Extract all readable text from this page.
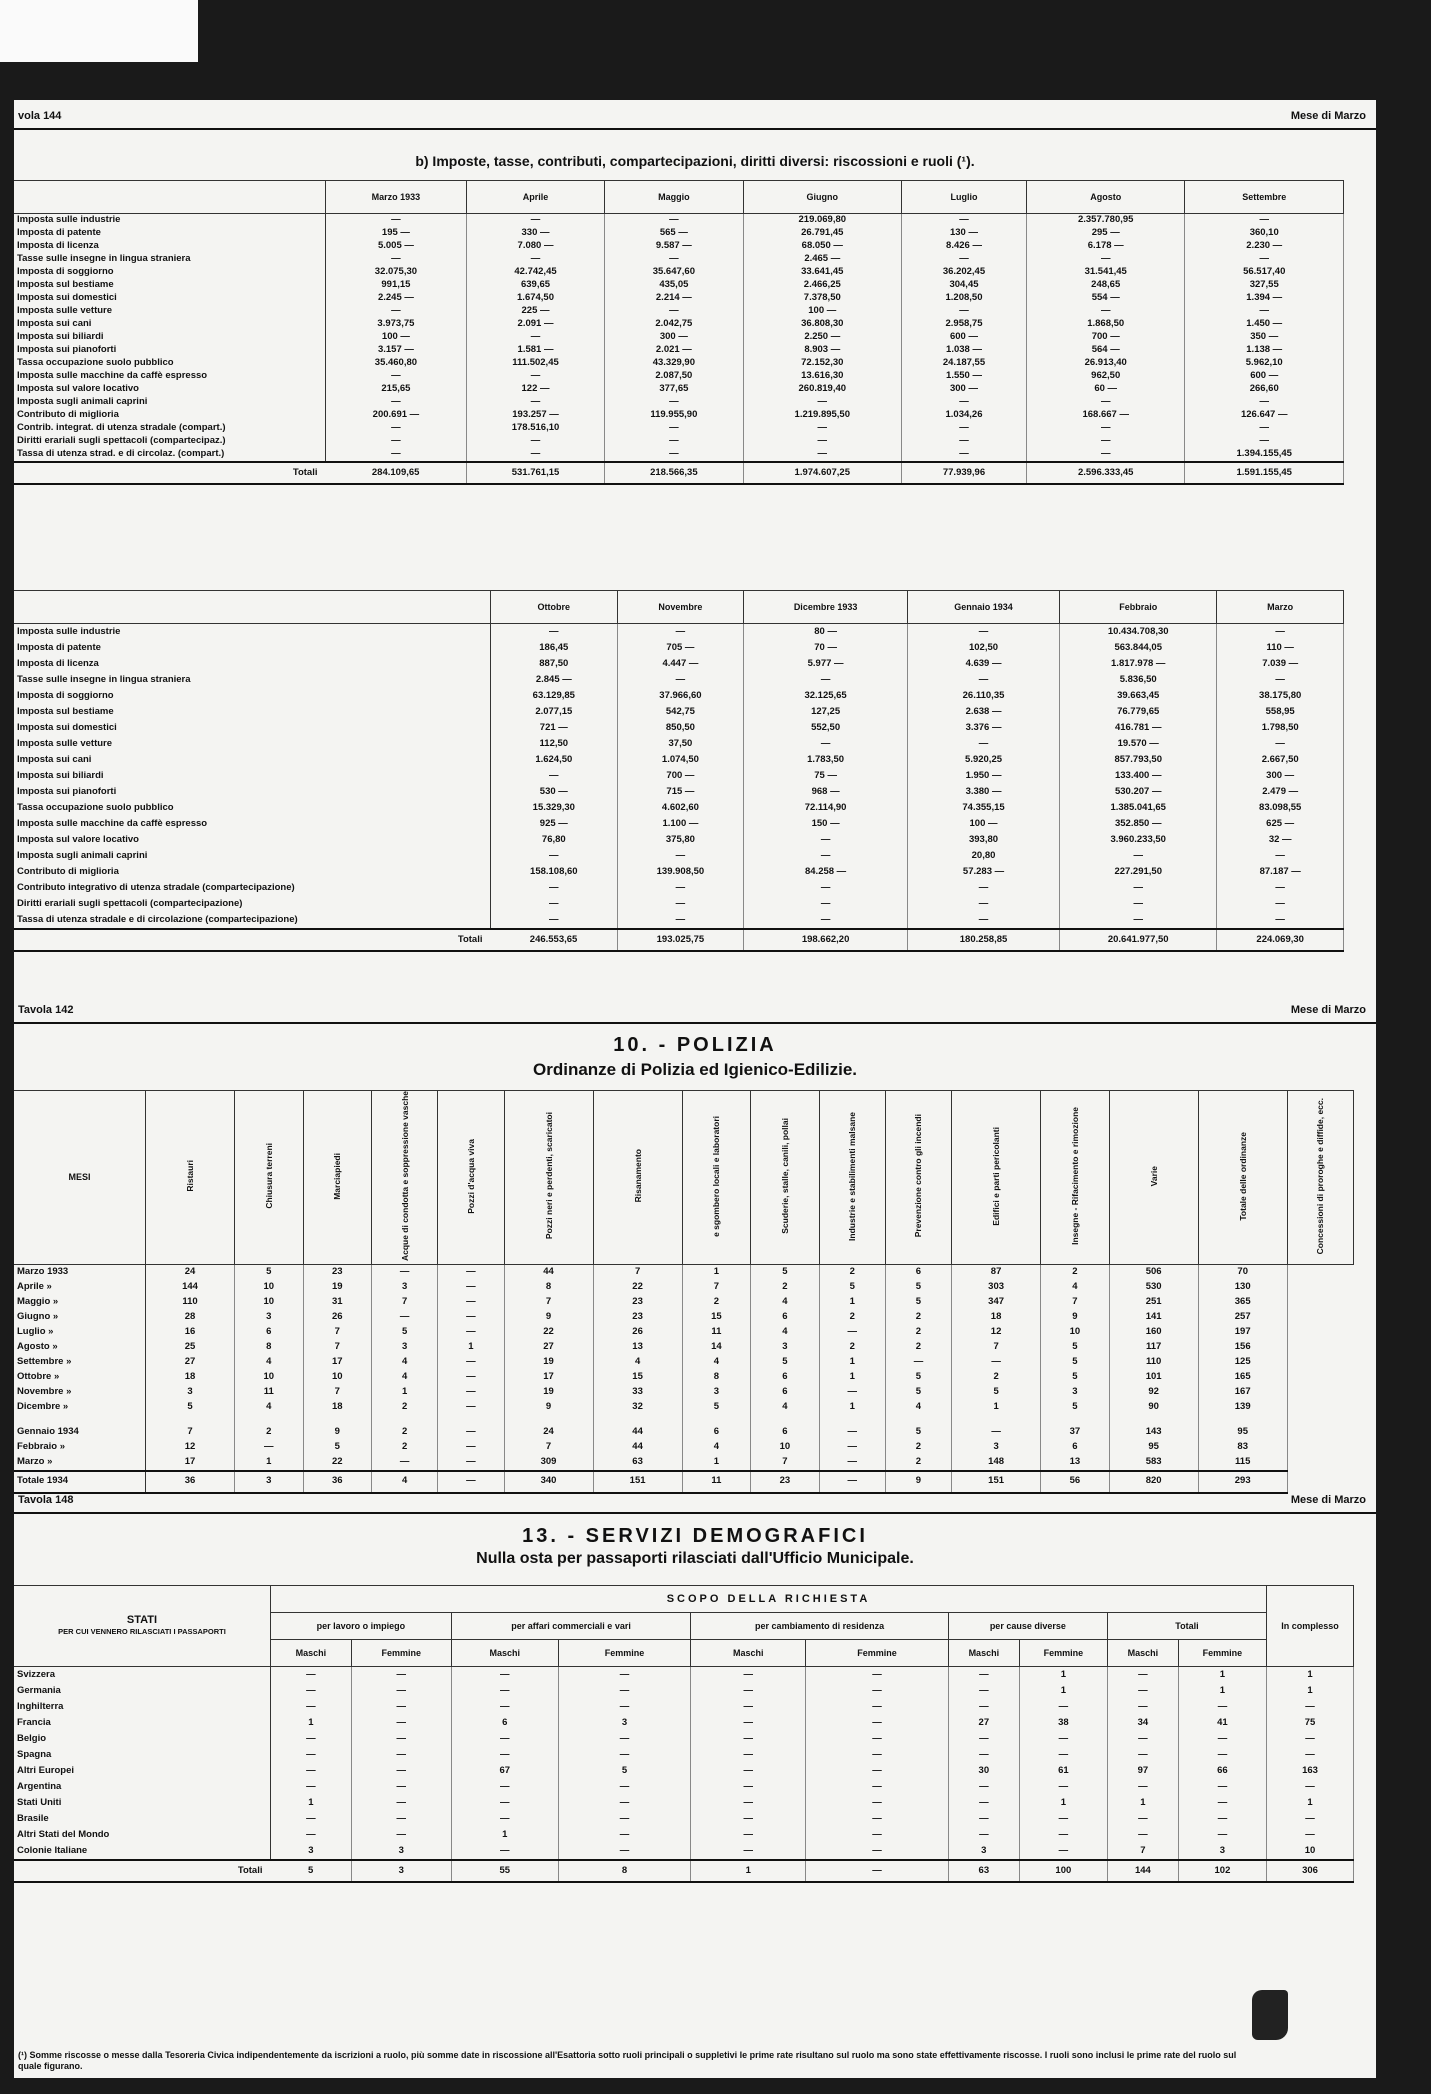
vola 144	Mese di Marzo
b) Imposte, tasse, contributi, compartecipazioni, diritti diversi: riscossioni e ruoli (¹).
	Marzo 1933	Aprile	Maggio	Giugno	Luglio	Agosto	Settembre
Imposta sulle industrie	—	—	—	219.069,80	—	2.357.780,95	—
Imposta di patente	195 —	330 —	565 —	26.791,45	130 —	295 —	360,10
Imposta di licenza	5.005 —	7.080 —	9.587 —	68.050 —	8.426 —	6.178 —	2.230 —
Tasse sulle insegne in lingua straniera	—	—	—	2.465 —	—	—	—
Imposta di soggiorno	32.075,30	42.742,45	35.647,60	33.641,45	36.202,45	31.541,45	56.517,40
Imposta sul bestiame	991,15	639,65	435,05	2.466,25	304,45	248,65	327,55
Imposta sui domestici	2.245 —	1.674,50	2.214 —	7.378,50	1.208,50	554 —	1.394 —
Imposta sulle vetture	—	225 —	—	100 —	—	—	—
Imposta sui cani	3.973,75	2.091 —	2.042,75	36.808,30	2.958,75	1.868,50	1.450 —
Imposta sui biliardi	100 —	—	300 —	2.250 —	600 —	700 —	350 —
Imposta sui pianoforti	3.157 —	1.581 —	2.021 —	8.903 —	1.038 —	564 —	1.138 —
Tassa occupazione suolo pubblico	35.460,80	111.502,45	43.329,90	72.152,30	24.187,55	26.913,40	5.962,10
Imposta sulle macchine da caffè espresso	—	—	2.087,50	13.616,30	1.550 —	962,50	600 —
Imposta sul valore locativo	215,65	122 —	377,65	260.819,40	300 —	60 —	266,60
Imposta sugli animali caprini	—	—	—	—	—	—	—
Contributo di miglioria	200.691 —	193.257 —	119.955,90	1.219.895,50	1.034,26	168.667 —	126.647 —
Contrib. integrat. di utenza stradale (compart.)	—	178.516,10	—	—	—	—	—
Diritti erariali sugli spettacoli (compartecipaz.)	—	—	—	—	—	—	—
Tassa di utenza strad. e di circolaz. (compart.)	—	—	—	—	—	—	1.394.155,45
Totali	284.109,65	531.761,15	218.566,35	1.974.607,25	77.939,96	2.596.333,45	1.591.155,45
	Ottobre	Novembre	Dicembre 1933	Gennaio 1934	Febbraio	Marzo
Imposta sulle industrie	—	—	80 —	—	10.434.708,30	—
Imposta di patente	186,45	705 —	70 —	102,50	563.844,05	110 —
Imposta di licenza	887,50	4.447 —	5.977 —	4.639 —	1.817.978 —	7.039 —
Tasse sulle insegne in lingua straniera	2.845 —	—	—	—	5.836,50	—
Imposta di soggiorno	63.129,85	37.966,60	32.125,65	26.110,35	39.663,45	38.175,80
Imposta sul bestiame	2.077,15	542,75	127,25	2.638 —	76.779,65	558,95
Imposta sui domestici	721 —	850,50	552,50	3.376 —	416.781 —	1.798,50
Imposta sulle vetture	112,50	37,50	—	—	19.570 —	—
Imposta sui cani	1.624,50	1.074,50	1.783,50	5.920,25	857.793,50	2.667,50
Imposta sui biliardi	—	700 —	75 —	1.950 —	133.400 —	300 —
Imposta sui pianoforti	530 —	715 —	968 —	3.380 —	530.207 —	2.479 —
Tassa occupazione suolo pubblico	15.329,30	4.602,60	72.114,90	74.355,15	1.385.041,65	83.098,55
Imposta sulle macchine da caffè espresso	925 —	1.100 —	150 —	100 —	352.850 —	625 —
Imposta sul valore locativo	76,80	375,80	—	393,80	3.960.233,50	32 —
Imposta sugli animali caprini	—	—	—	20,80	—	—
Contributo di miglioria	158.108,60	139.908,50	84.258 —	57.283 —	227.291,50	87.187 —
Contributo integrativo di utenza stradale (compartecipazione)	—	—	—	—	—	—
Diritti erariali sugli spettacoli (compartecipazione)	—	—	—	—	—	—
Tassa di utenza stradale e di circolazione (compartecipazione)	—	—	—	—	—	—
Totali	246.553,65	193.025,75	198.662,20	180.258,85	20.641.977,50	224.069,30
Tavola 142	Mese di Marzo
10. - POLIZIA
Ordinanze di Polizia ed Igienico-Edilizie.
MESI	Ristauri	Chiusura terreni	Marciapiedi	Acque di condotta e soppressione vasche	Pozzi d'acqua viva	Pozzi neri e perdenti, scaricatoi	Risanamento	e sgombero locali e laboratori	Scuderie, stalle, canili, pollai	Industrie e stabilimenti malsane	Prevenzione contro gli incendi	Edifici e parti pericolanti	Insegne - Rifacimento e rimozione	Varie	Totale delle ordinanze	Concessioni di proroghe e diffide, ecc.
Marzo 1933	24	5	23	—	—	44	7	1	5	2	6	87	2	506	70	
Aprile »	144	10	19	3	—	8	22	7	2	5	5	303	4	530	130	
Maggio »	110	10	31	7	—	7	23	2	4	1	5	347	7	251	365	
Giugno »	28	3	26	—	—	9	23	15	6	2	2	18	9	141	257	
Luglio »	16	6	7	5	—	22	26	11	4	—	2	12	10	160	197	
Agosto »	25	8	7	3	1	27	13	14	3	2	2	7	5	117	156	
Settembre »	27	4	17	4	—	19	4	4	5	1	—	—	5	110	125	
Ottobre »	18	10	10	4	—	17	15	8	6	1	5	2	5	101	165	
Novembre »	3	11	7	1	—	19	33	3	6	—	5	5	3	92	167	
Dicembre »	5	4	18	2	—	9	32	5	4	1	4	1	5	90	139	
Gennaio 1934	7	2	9	2	—	24	44	6	6	—	5	—	37	143	95	
Febbraio »	12	—	5	2	—	7	44	4	10	—	2	3	6	95	83	
Marzo »	17	1	22	—	—	309	63	1	7	—	2	148	13	583	115	
Totale 1934	36	3	36	4	—	340	151	11	23	—	9	151	56	820	293	
Tavola 148	Mese di Marzo
13. - SERVIZI DEMOGRAFICI
Nulla osta per passaporti rilasciati dall'Ufficio Municipale.
STATI
PER CUI VENNERO RILASCIATI I PASSAPORTI	SCOPO DELLA RICHIESTA										In complesso
	per lavoro o impiego		per affari commerciali e vari		per cambiamento di residenza		per cause diverse		Totali		
	Maschi	Femmine	Maschi	Femmine	Maschi	Femmine	Maschi	Femmine	Maschi	Femmine	
Svizzera	—	—	—	—	—	—	—	1	—	1	1
Germania	—	—	—	—	—	—	—	1	—	1	1
Inghilterra	—	—	—	—	—	—	—	—	—	—	—
Francia	1	—	6	3	—	—	27	38	34	41	75
Belgio	—	—	—	—	—	—	—	—	—	—	—
Spagna	—	—	—	—	—	—	—	—	—	—	—
Altri Europei	—	—	67	5	—	—	30	61	97	66	163
Argentina	—	—	—	—	—	—	—	—	—	—	—
Stati Uniti	1	—	—	—	—	—	—	1	1	—	1
Brasile	—	—	—	—	—	—	—	—	—	—	—
Altri Stati del Mondo	—	—	1	—	—	—	—	—	—	—	—
Colonie Italiane	3	3	—	—	—	—	3	—	7	3	10
Totali	5	3	55	8	1	—	63	100	144	102	306
(¹) Somme riscosse o messe dalla Tesoreria Civica indipendentemente da iscrizioni a ruolo, più somme date in riscossione all'Esattoria sotto ruoli principali o suppletivi le prime rate risultano sul ruolo ma sono state effettivamente riscosse. I ruoli sono inclusi le prime rate del ruolo sul quale figurano.
